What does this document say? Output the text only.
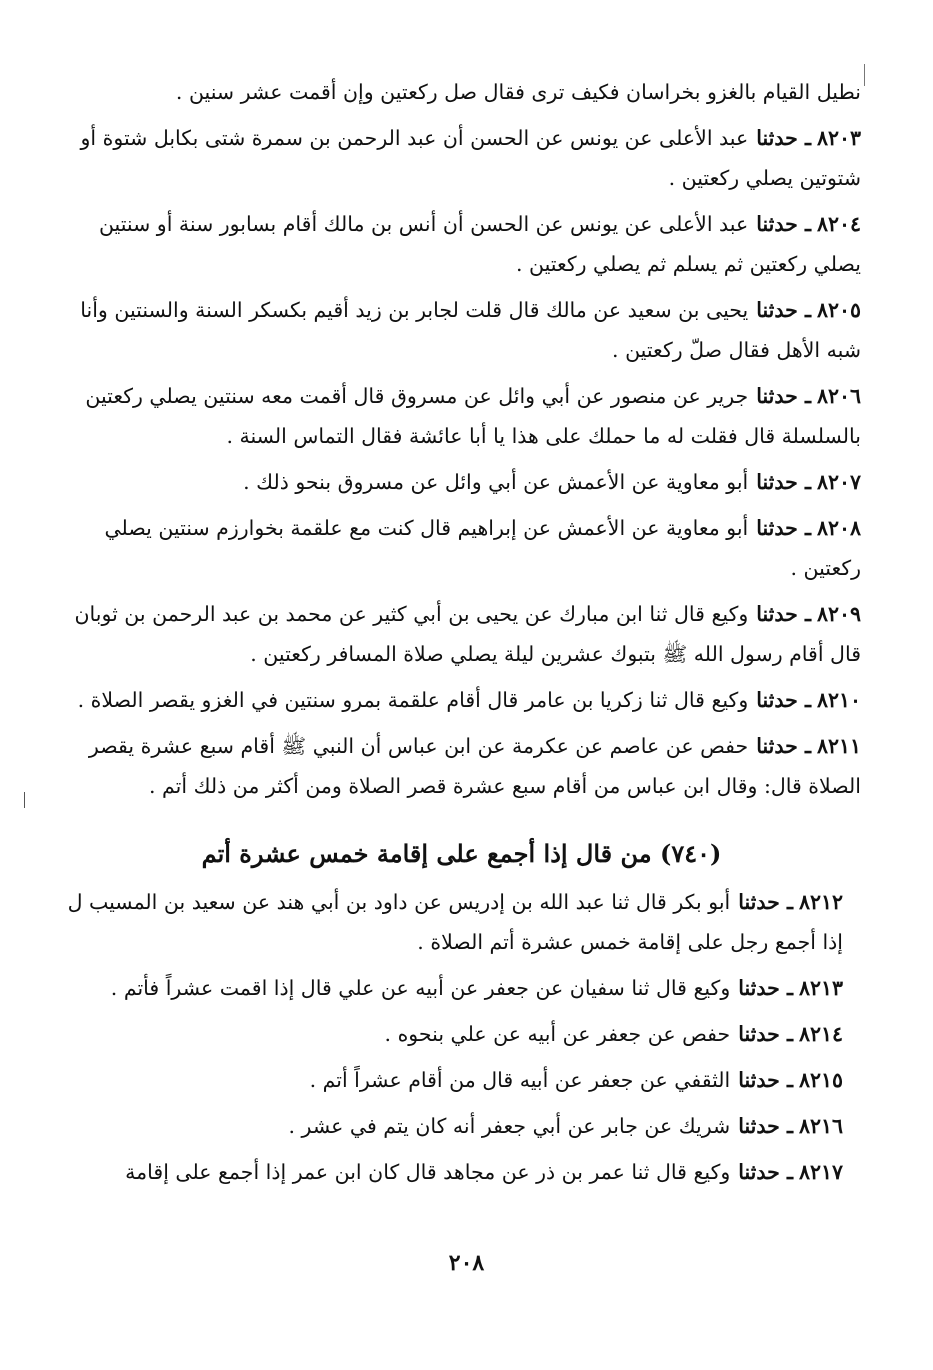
نطيل القيام بالغزو بخراسان فكيف ترى فقال صل ركعتين وإن أقمت عشر سنين .

٨٢٠٣ـ حدثناعبد الأعلى عن يونس عن الحسن أن عبد الرحمن بن سمرة شتى بكابل شتوة أو شتوتين يصلي ركعتين .

٨٢٠٤ـ حدثناعبد الأعلى عن يونس عن الحسن أن أنس بن مالك أقام بسابور سنة أو سنتين يصلي ركعتين ثم يسلم ثم يصلي ركعتين .

٨٢٠٥ـ حدثنايحيى بن سعيد عن مالك قال قلت لجابر بن زيد أقيم بكسكر السنة والسنتين وأنا شبه الأهل فقال صلّ ركعتين .

٨٢٠٦ـ حدثناجرير عن منصور عن أبي وائل عن مسروق قال أقمت معه سنتين يصلي ركعتين بالسلسلة قال فقلت له ما حملك على هذا يا أبا عائشة فقال التماس السنة .

٨٢٠٧ـ حدثناأبو معاوية عن الأعمش عن أبي وائل عن مسروق بنحو ذلك .

٨٢٠٨ـ حدثناأبو معاوية عن الأعمش عن إبراهيم قال كنت مع علقمة بخوارزم سنتين يصلي ركعتين .

٨٢٠٩ـ حدثناوكيع قال ثنا ابن مبارك عن يحيى بن أبي كثير عن محمد بن عبد الرحمن بن ثوبان قال أقام رسول الله ﷺ بتبوك عشرين ليلة يصلي صلاة المسافر ركعتين .

٨٢١٠ـ حدثناوكيع قال ثنا زكريا بن عامر قال أقام علقمة بمرو سنتين في الغزو يقصر الصلاة .

٨٢١١ـ حدثناحفص عن عاصم عن عكرمة عن ابن عباس أن النبي ﷺ أقام سبع عشرة يقصر الصلاة قال: وقال ابن عباس من أقام سبع عشرة قصر الصلاة ومن أكثر من ذلك أتم .

(٧٤٠) من قال إذا أجمع على إقامة خمس عشرة أتم

٨٢١٢ـ حدثناأبو بكر قال ثنا عبد الله بن إدريس عن داود بن أبي هند عن سعيد بن المسيب ل إذا أجمع رجل على إقامة خمس عشرة أتم الصلاة .

٨٢١٣ـ حدثناوكيع قال ثنا سفيان عن جعفر عن أبيه عن علي قال إذا اقمت عشراً فأتم .

٨٢١٤ـ حدثناحفص عن جعفر عن أبيه عن علي بنحوه .

٨٢١٥ـ حدثناالثقفي عن جعفر عن أبيه قال من أقام عشراً أتم .

٨٢١٦ـ حدثناشريك عن جابر عن أبي جعفر أنه كان يتم في عشر .

٨٢١٧ـ حدثناوكيع قال ثنا عمر بن ذر عن مجاهد قال كان ابن عمر إذا أجمع على إقامة

٢٠٨
